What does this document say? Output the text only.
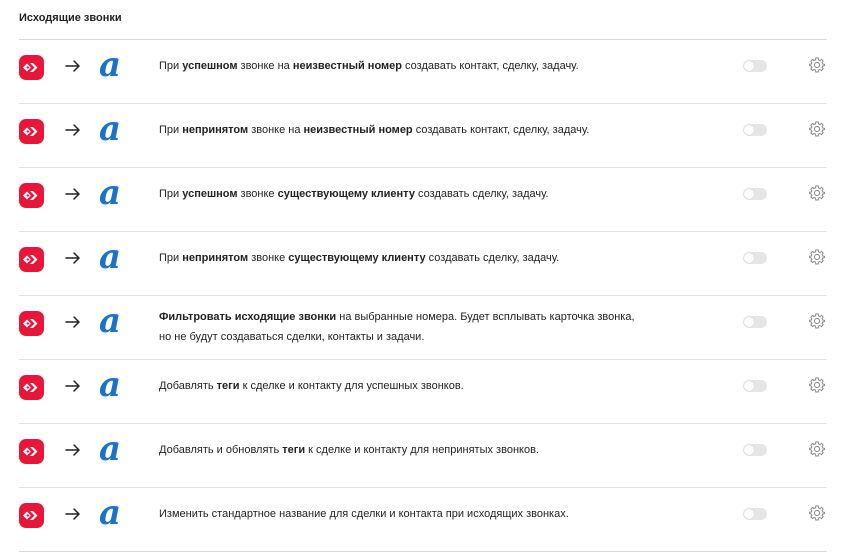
Исходящие звонки
a	При успешном звонке на неизвестный номер создавать контакт, сделку, задачу.
a	При непринятом звонке на неизвестный номер создавать контакт, сделку, задачу.
a	При успешном звонке существующему клиенту создавать сделку, задачу.
a	При непринятом звонке существующему клиенту создавать сделку, задачу.
a	Фильтровать исходящие звонки на выбранные номера. Будет всплывать карточка звонка,
но не будут создаваться сделки, контакты и задачи.
a	Добавлять теги к сделке и контакту для успешных звонков.
a	Добавлять и обновлять теги к сделке и контакту для непринятых звонков.
a	Изменить стандартное название для сделки и контакта при исходящих звонках.
